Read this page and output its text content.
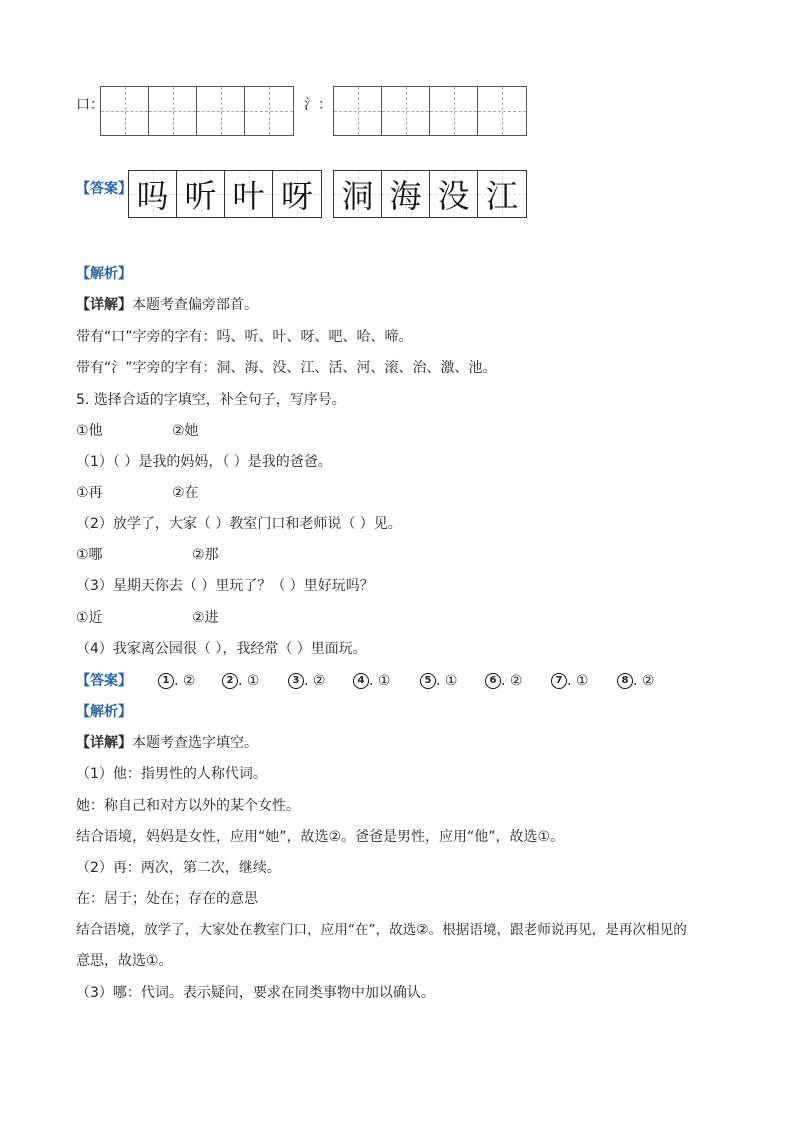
口：	氵：
【答案】 吗 听 叶 呀 洞 海 没 江
【解析】
【详解】本题考查偏旁部首。
带有“口”字旁的字有：吗、听、叶、呀、吧、哈、啼。
带有“氵”字旁的字有：洞、海、没、江、活、河、滚、治、激、池。
5. 选择合适的字填空，补全句子，写序号。
①他	②她
（1）（ ）是我的妈妈，（ ）是我的爸爸。
①再	②在
（2）放学了，大家（ ）教室门口和老师说（ ）见。
①哪	②那
（3）星期天你去（ ）里玩了？（ ）里好玩吗？
①近	②进
（4）我家离公园很（ ），我经常（ ）里面玩。
【答案】	1 . ②	2 . ①	3 . ②	4 . ①	5 . ①	6 . ②	7 . ①	8 . ②
【解析】
【详解】本题考查选字填空。
（1）他：指男性的人称代词。
她：称自己和对方以外的某个女性。
结合语境，妈妈是女性，应用“她”，故选②。爸爸是男性，应用“他”，故选①。
（2）再：两次，第二次，继续。
在：居于；处在；存在的意思
结合语境，放学了，大家处在教室门口，应用“在”，故选②。根据语境，跟老师说再见，是再次相见的
意思，故选①。
（3）哪：代词。表示疑问，要求在同类事物中加以确认。
